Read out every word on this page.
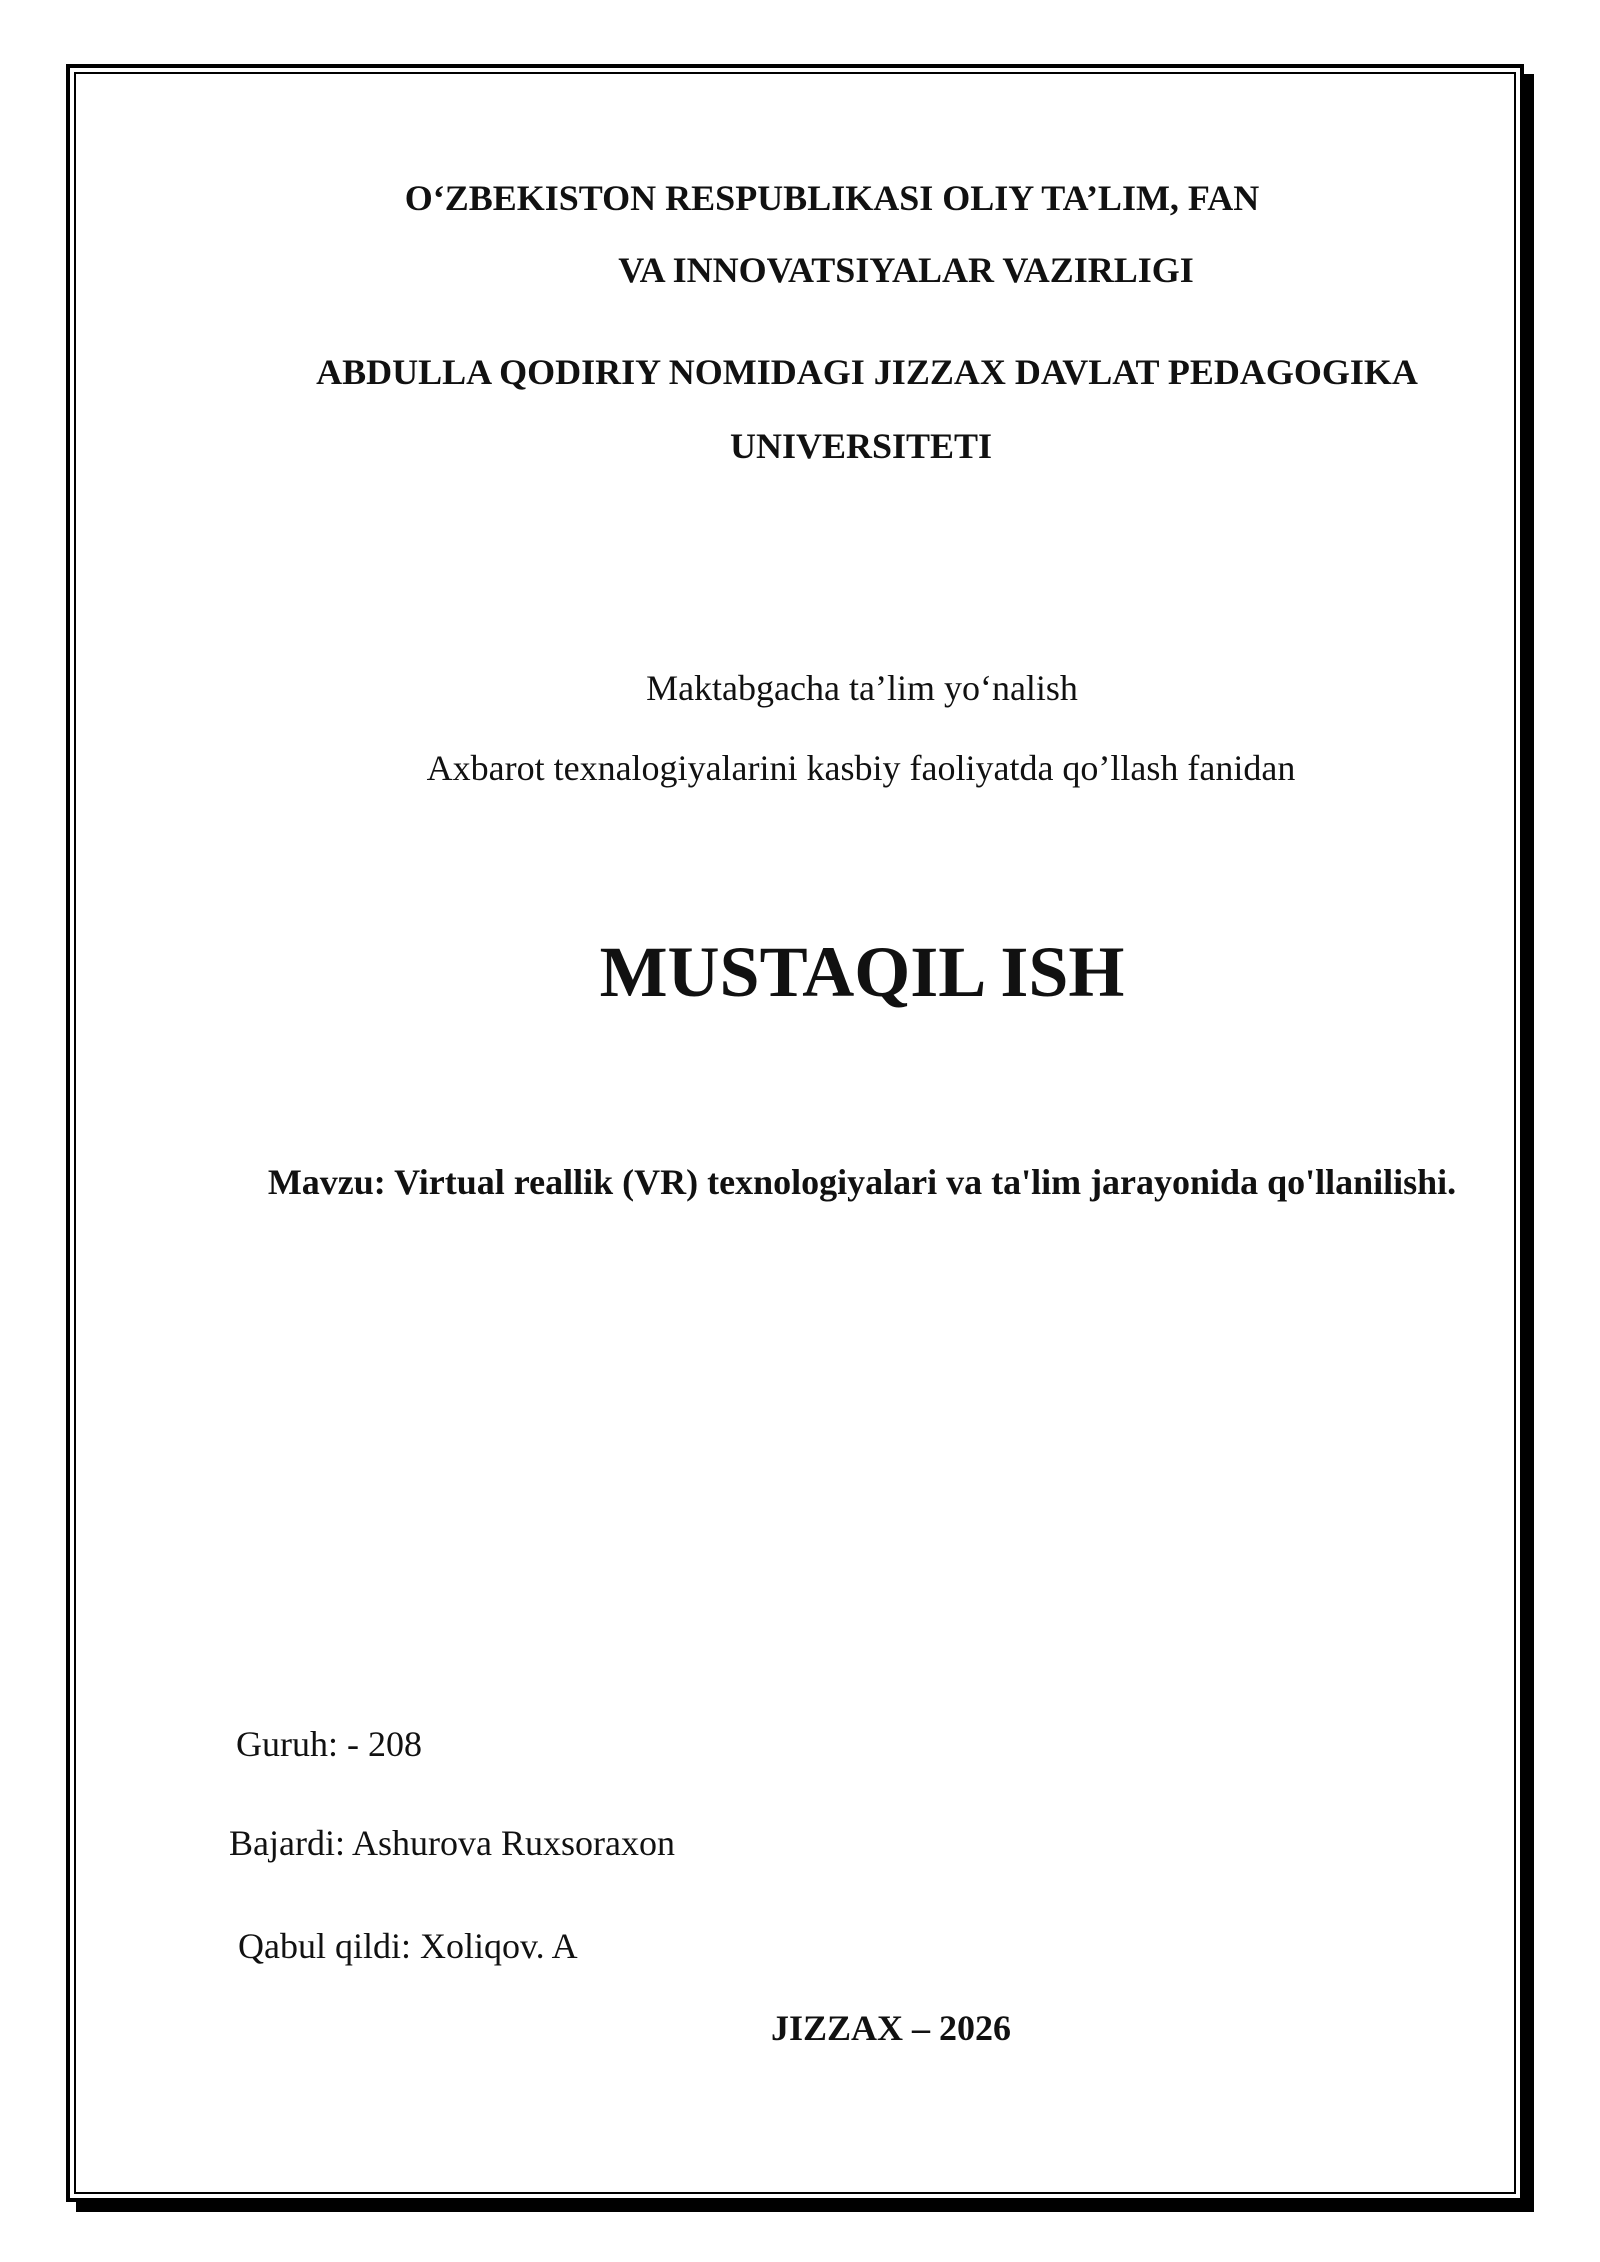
O‘ZBEKISTON RESPUBLIKASI OLIY TA’LIM, FAN
VA INNOVATSIYALAR VAZIRLIGI
ABDULLA QODIRIY NOMIDAGI JIZZAX DAVLAT PEDAGOGIKA
UNIVERSITETI
Maktabgacha ta’lim yo‘nalish
Axbarot texnalogiyalarini kasbiy faoliyatda qo’llash fanidan
MUSTAQIL ISH
Mavzu: Virtual reallik (VR) texnologiyalari va ta'lim jarayonida qo'llanilishi.
Guruh: - 208
Bajardi: Ashurova Ruxsoraxon
Qabul qildi: Xoliqov. A
JIZZAX – 2026
